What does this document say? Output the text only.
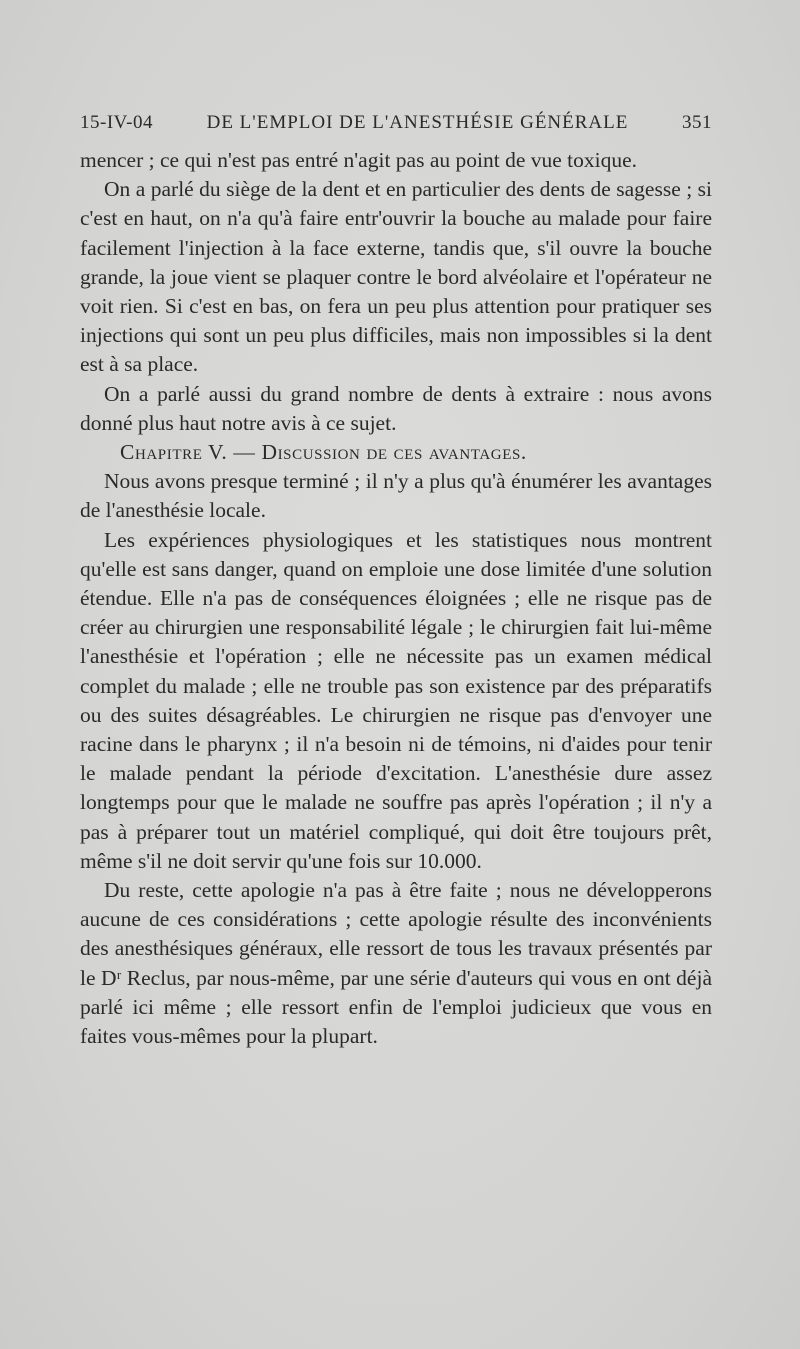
15-IV-04	DE L'EMPLOI DE L'ANESTHÉSIE GÉNÉRALE	351

mencer ; ce qui n'est pas entré n'agit pas au point de vue toxique.

On a parlé du siège de la dent et en particulier des dents de sagesse ; si c'est en haut, on n'a qu'à faire entr'ouvrir la bouche au malade pour faire facilement l'injection à la face externe, tandis que, s'il ouvre la bouche grande, la joue vient se plaquer contre le bord alvéolaire et l'opérateur ne voit rien. Si c'est en bas, on fera un peu plus attention pour pratiquer ses injections qui sont un peu plus difficiles, mais non impossibles si la dent est à sa place.

On a parlé aussi du grand nombre de dents à extraire : nous avons donné plus haut notre avis à ce sujet.

Chapitre V. — Discussion de ces avantages.

Nous avons presque terminé ; il n'y a plus qu'à énumérer les avantages de l'anesthésie locale.

Les expériences physiologiques et les statistiques nous montrent qu'elle est sans danger, quand on emploie une dose limitée d'une solution étendue. Elle n'a pas de conséquences éloignées ; elle ne risque pas de créer au chirurgien une responsabilité légale ; le chirurgien fait lui-même l'anesthésie et l'opération ; elle ne nécessite pas un examen médical complet du malade ; elle ne trouble pas son existence par des préparatifs ou des suites désagréables. Le chirurgien ne risque pas d'envoyer une racine dans le pharynx ; il n'a besoin ni de témoins, ni d'aides pour tenir le malade pendant la période d'excitation. L'anesthésie dure assez longtemps pour que le malade ne souffre pas après l'opération ; il n'y a pas à préparer tout un matériel compliqué, qui doit être toujours prêt, même s'il ne doit servir qu'une fois sur 10.000.

Du reste, cette apologie n'a pas à être faite ; nous ne développerons aucune de ces considérations ; cette apologie résulte des inconvénients des anesthésiques généraux, elle ressort de tous les travaux présentés par le Dʳ Reclus, par nous-même, par une série d'auteurs qui vous en ont déjà parlé ici même ; elle ressort enfin de l'emploi judicieux que vous en faites vous-mêmes pour la plupart.
